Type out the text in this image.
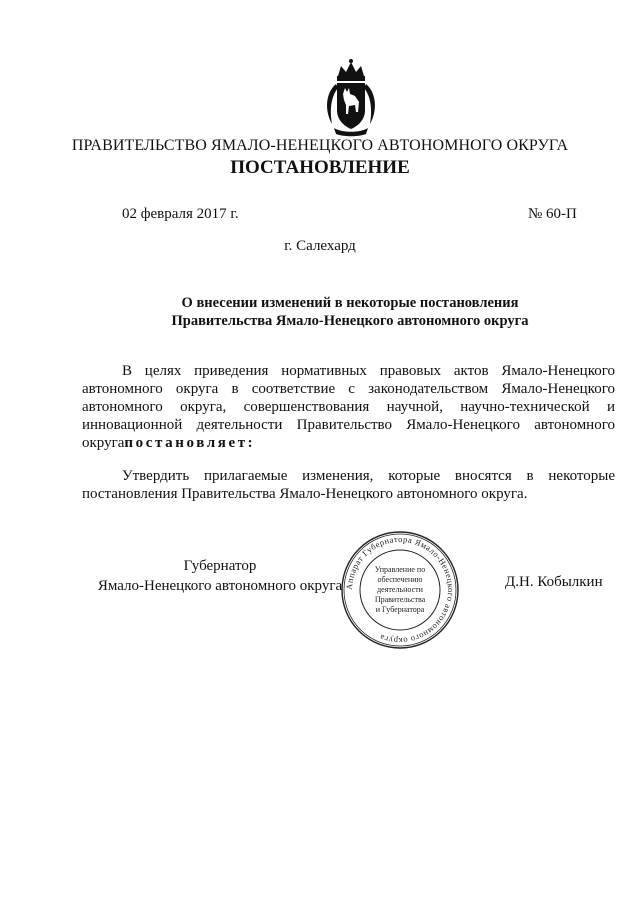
ПРАВИТЕЛЬСТВО ЯМАЛО-НЕНЕЦКОГО АВТОНОМНОГО ОКРУГА
ПОСТАНОВЛЕНИЕ
02 февраля 2017 г.	№ 60-П
г. Салехард
О внесении изменений в некоторые постановления
Правительства Ямало-Ненецкого автономного округа
В целях приведения нормативных правовых актов Ямало-Ненецкого
автономного округа в соответствие с законодательством Ямало-Ненецкого
автономного округа, совершенствования научной, научно-технической и
инновационной деятельности Правительство Ямало-Ненецкого автономного
округапостановляет:
Утвердить прилагаемые изменения, которые вносятся в некоторые
постановления Правительства Ямало-Ненецкого автономного округа.
Губернатор
Ямало-Ненецкого автономного округа Аппарат Губернатора Ямало-Ненецкого автономного округа
Управление по
обеспечению
деятельности
Правительства
и Губернатора
Д.Н. Кобылкин
